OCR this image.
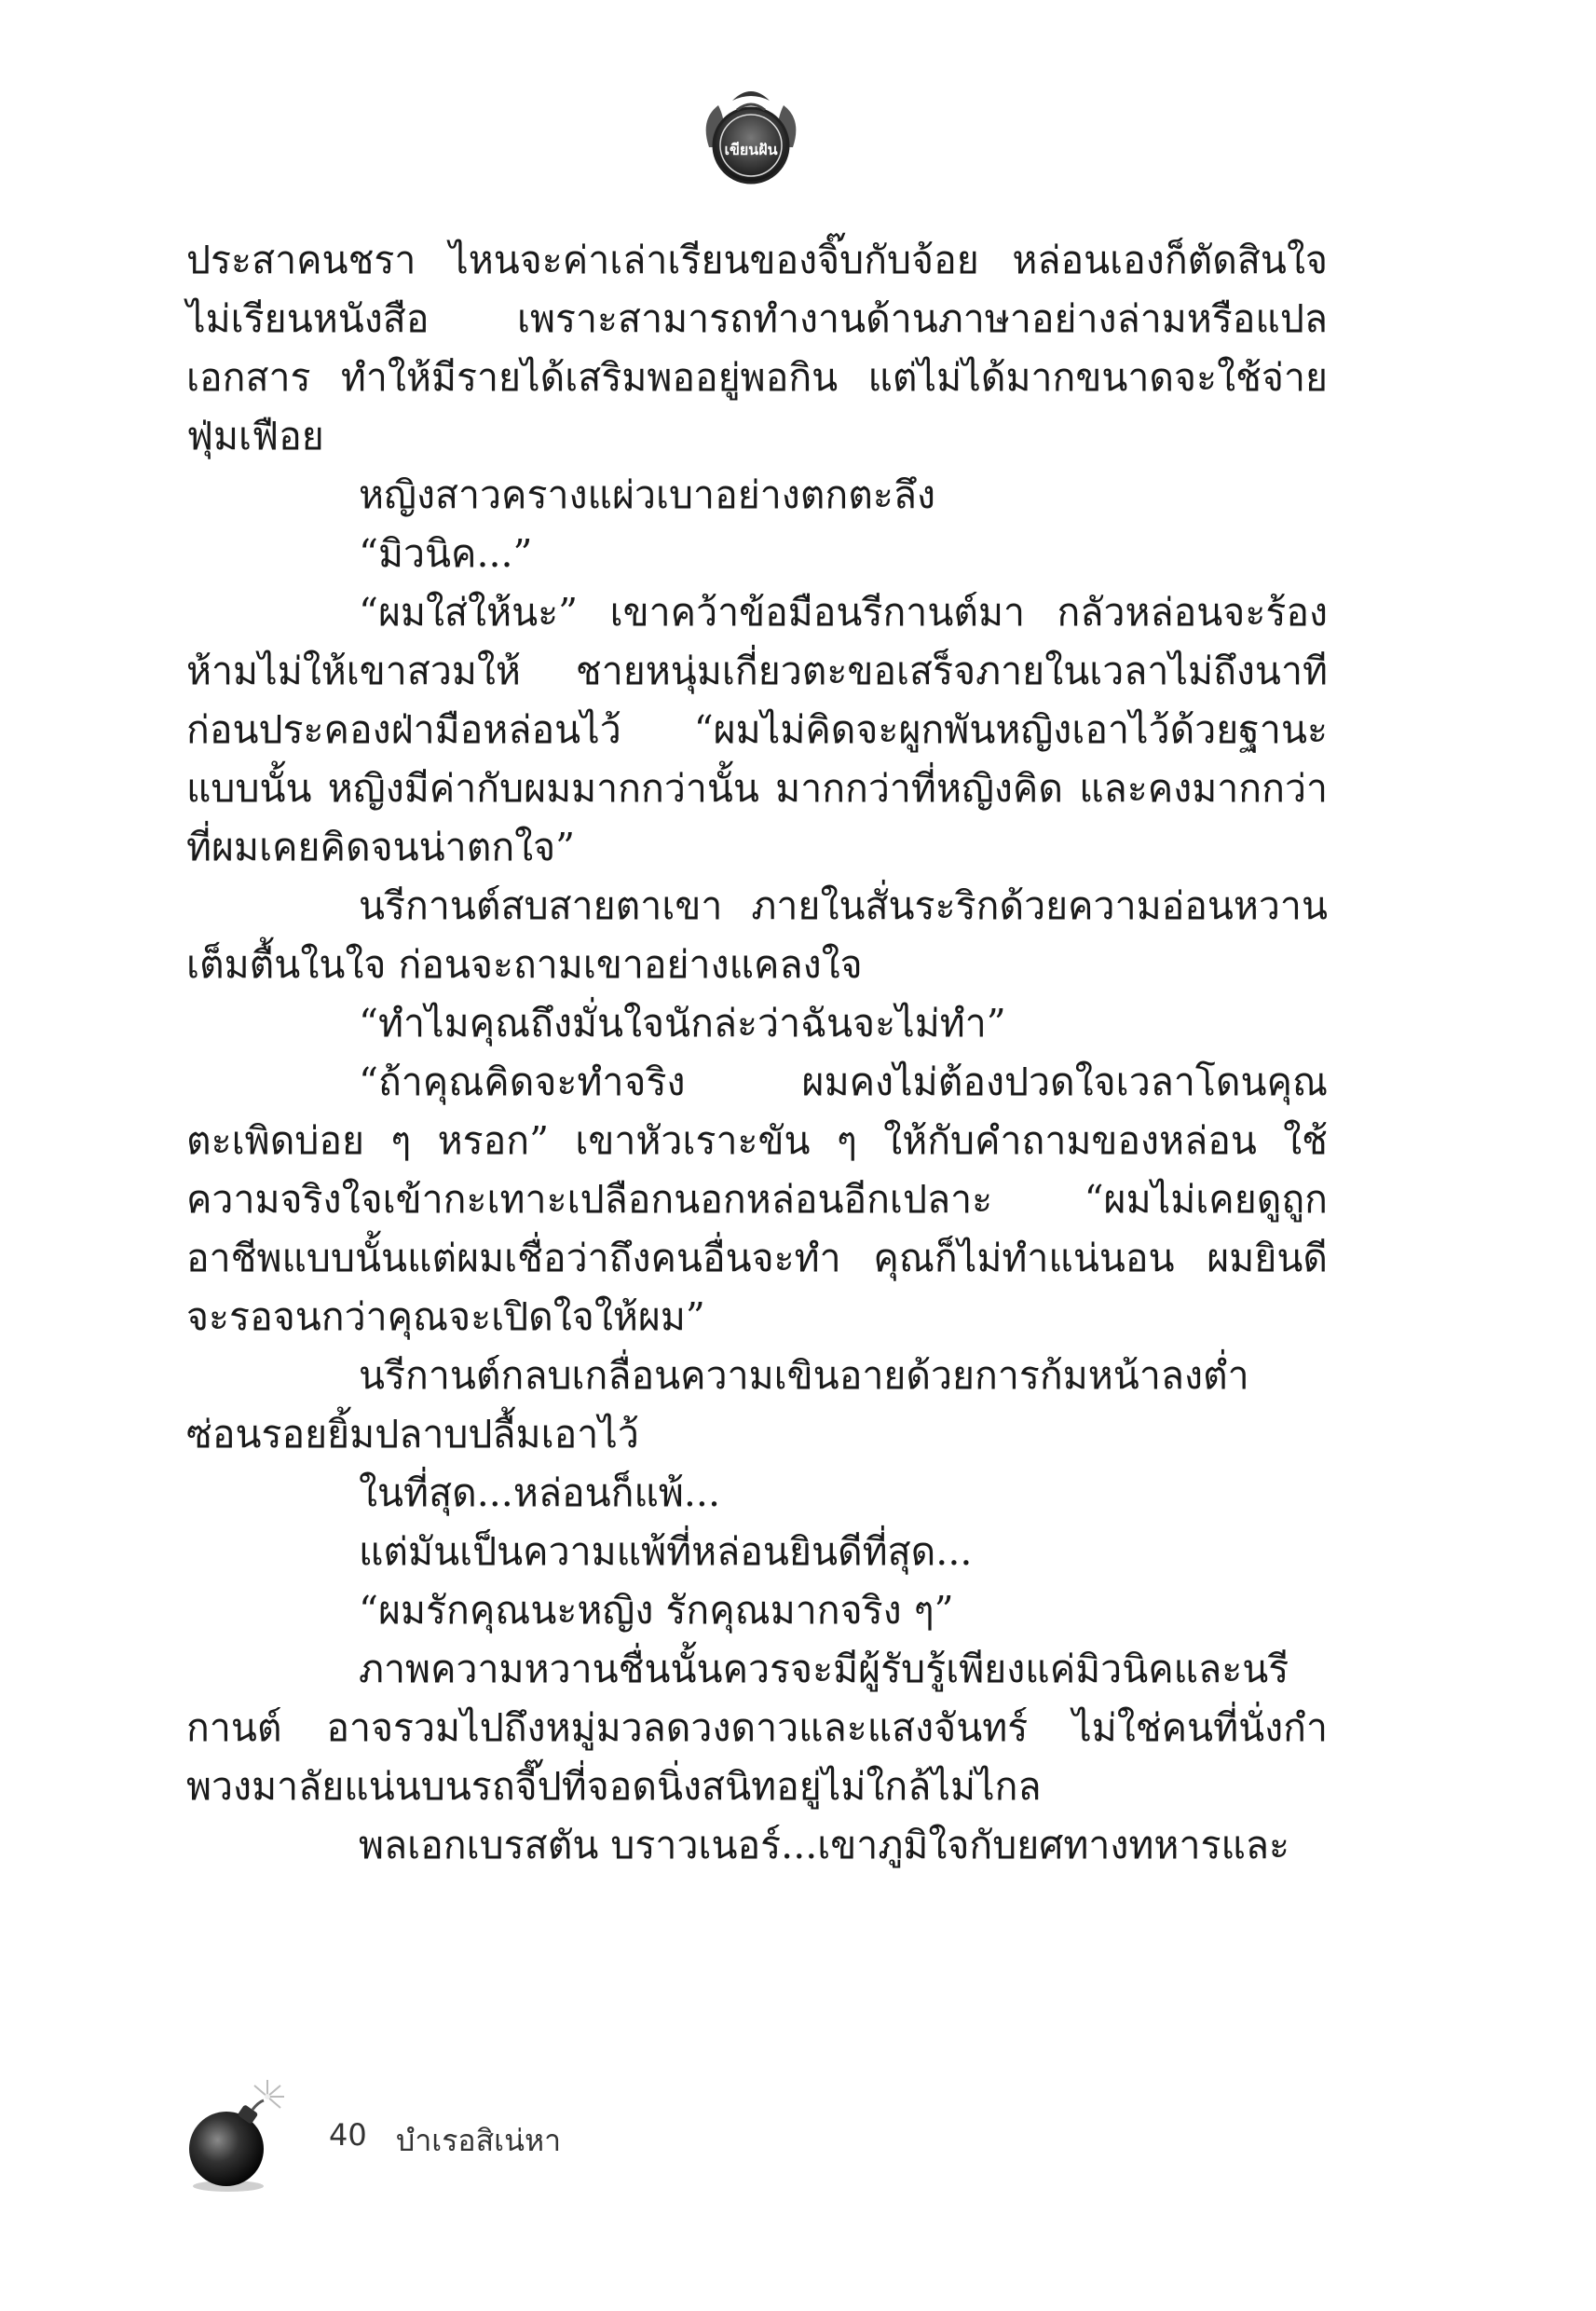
เขียนฝัน

ประสาคนชรา ไหนจะค่าเล่าเรียนของจิ๊บกับจ้อย หล่อนเองก็ตัดสินใจไม่เรียนหนังสือ เพราะสามารถทำงานด้านภาษาอย่างล่ามหรือแปลเอกสาร ทำให้มีรายได้เสริมพออยู่พอกิน แต่ไม่ได้มากขนาดจะใช้จ่ายฟุ่มเฟือย

หญิงสาวครางแผ่วเบาอย่างตกตะลึง

“มิวนิค...”

“ผมใส่ให้นะ” เขาคว้าข้อมือนรีกานต์มา กลัวหล่อนจะร้องห้ามไม่ให้เขาสวมให้ ชายหนุ่มเกี่ยวตะขอเสร็จภายในเวลาไม่ถึงนาทีก่อนประคองฝ่ามือหล่อนไว้ “ผมไม่คิดจะผูกพันหญิงเอาไว้ด้วยฐานะแบบนั้น หญิงมีค่ากับผมมากกว่านั้น มากกว่าที่หญิงคิด และคงมากกว่าที่ผมเคยคิดจนน่าตกใจ”

นรีกานต์สบสายตาเขา ภายในสั่นระริกด้วยความอ่อนหวานเต็มตื้นในใจ ก่อนจะถามเขาอย่างแคลงใจ

“ทำไมคุณถึงมั่นใจนักล่ะว่าฉันจะไม่ทำ”

“ถ้าคุณคิดจะทำจริง ผมคงไม่ต้องปวดใจเวลาโดนคุณตะเพิดบ่อย ๆ หรอก” เขาหัวเราะขัน ๆ ให้กับคำถามของหล่อน ใช้ความจริงใจเข้ากะเทาะเปลือกนอกหล่อนอีกเปลาะ “ผมไม่เคยดูถูกอาชีพแบบนั้นแต่ผมเชื่อว่าถึงคนอื่นจะทำ คุณก็ไม่ทำแน่นอน ผมยินดีจะรอจนกว่าคุณจะเปิดใจให้ผม”

นรีกานต์กลบเกลื่อนความเขินอายด้วยการก้มหน้าลงต่ำ ซ่อนรอยยิ้มปลาบปลื้มเอาไว้

ในที่สุด...หล่อนก็แพ้...

แต่มันเป็นความแพ้ที่หล่อนยินดีที่สุด...

“ผมรักคุณนะหญิง รักคุณมากจริง ๆ”

ภาพความหวานชื่นนั้นควรจะมีผู้รับรู้เพียงแค่มิวนิคและนรีกานต์ อาจรวมไปถึงหมู่มวลดวงดาวและแสงจันทร์ ไม่ใช่คนที่นั่งกำพวงมาลัยแน่นบนรถจี๊ปที่จอดนิ่งสนิทอยู่ไม่ใกล้ไม่ไกล

พลเอกเบรสตัน บราวเนอร์...เขาภูมิใจกับยศทางทหารและ

40 บำเรอสิเน่หา
